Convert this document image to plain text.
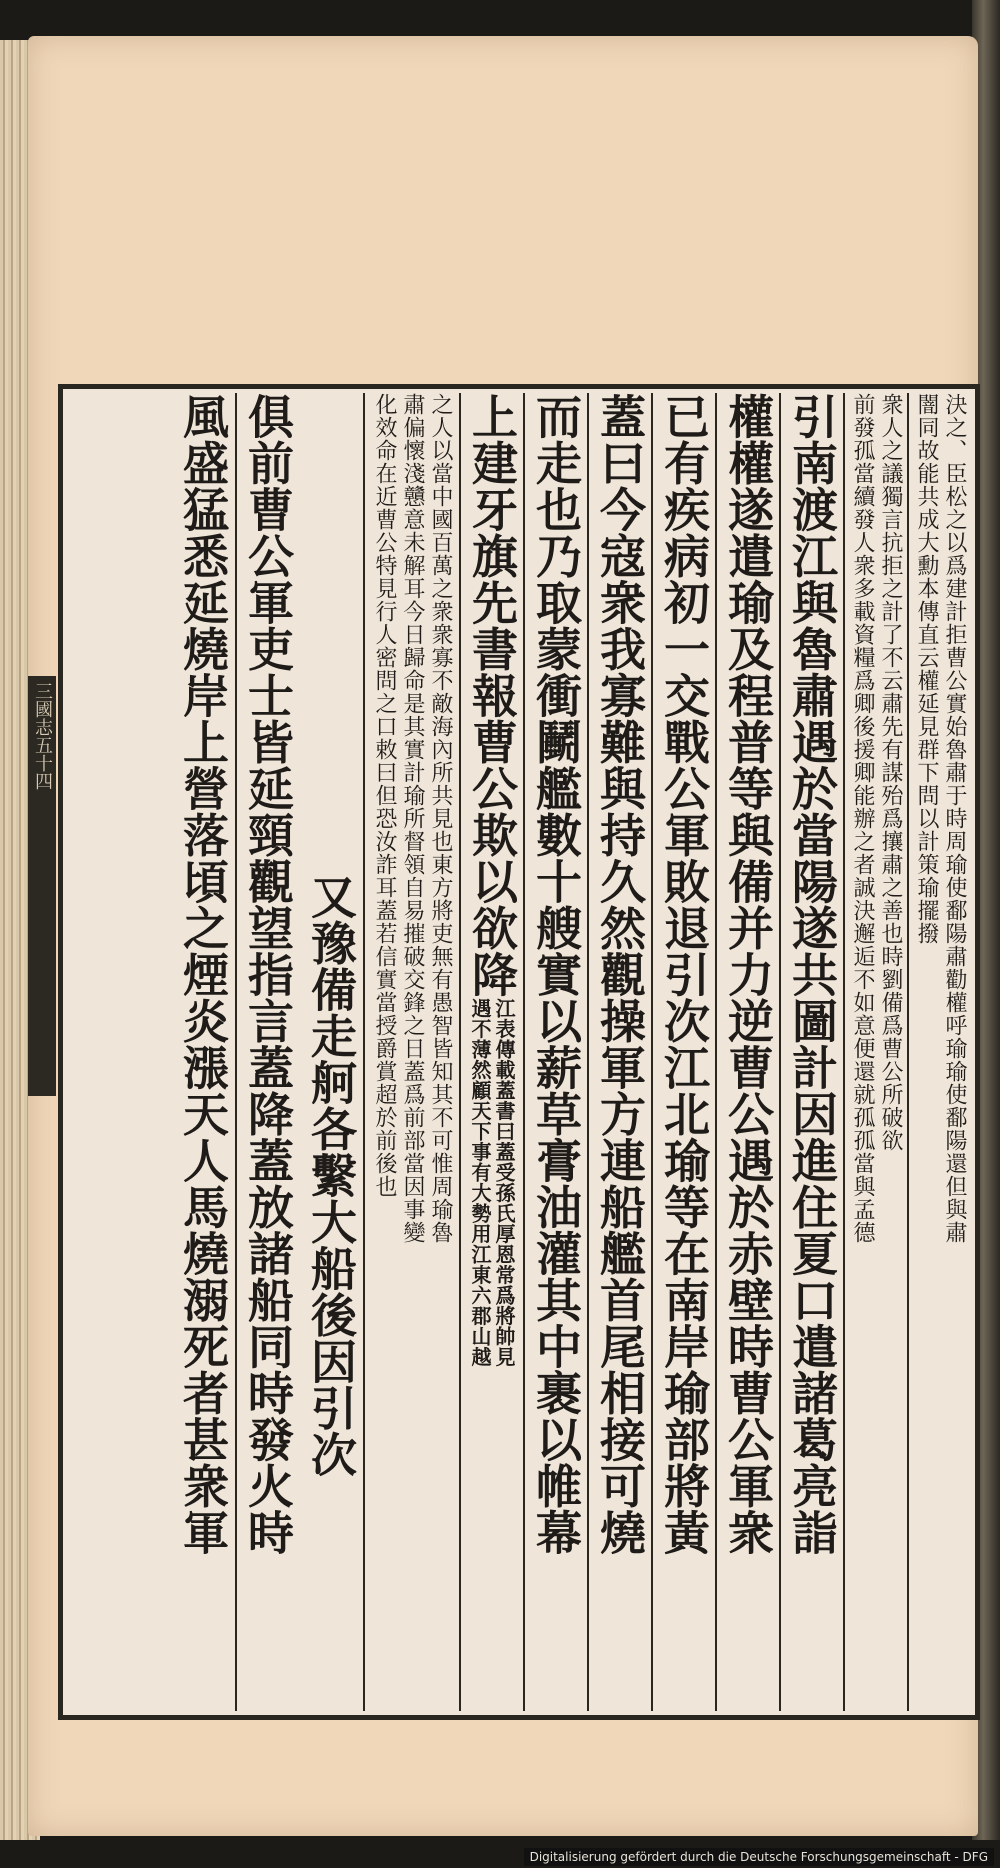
三國志五十四	決之、臣松之以爲建計拒曹公實始魯肅于時周瑜使鄱陽肅勸權呼瑜瑜使鄱陽還但與肅
闇同故能共成大勳本傳直云權延見群下問以計策瑜擺撥
衆人之議獨言抗拒之計了不云肅先有謀殆爲攘肅之善也時劉備爲曹公所破欲
前發孤當續發人衆多載資糧爲卿後援卿能辦之者誠決邂逅不如意便還就孤孤當與孟德
引南渡江與魯肅遇於當陽遂共圖計因進住夏口遣諸葛亮詣
權權遂遣瑜及程普等與備并力逆曹公遇於赤壁時曹公軍衆
已有疾病初一交戰公軍敗退引次江北瑜等在南岸瑜部將黃
蓋曰今寇衆我寡難與持久然觀操軍方連船艦首尾相接可燒
而走也乃取蒙衝鬭艦數十艘實以薪草膏油灌其中裹以帷幕
上建牙旗先書報曹公欺以欲降
江表傳載蓋書曰蓋受孫氏厚恩常爲將帥見
遇不薄然顧天下事有大勢用江東六郡山越
之人以當中國百萬之衆衆寡不敵海內所共見也東方將吏無有愚智皆知其不可惟周瑜魯
肅偏懷淺戇意未解耳今日歸命是其實計瑜所督領自易摧破交鋒之日蓋爲前部當因事變
化效命在近曹公特見行人密問之口敕曰但恐汝詐耳蓋若信實當授爵賞超於前後也
又豫備走舸各繫大船後因引次
俱前曹公軍吏士皆延頸觀望指言蓋降蓋放諸船同時發火時
風盛猛悉延燒岸上營落頃之煙炎漲天人馬燒溺死者甚衆軍
Digitalisierung gefördert durch die Deutsche Forschungsgemeinschaft - DFG
